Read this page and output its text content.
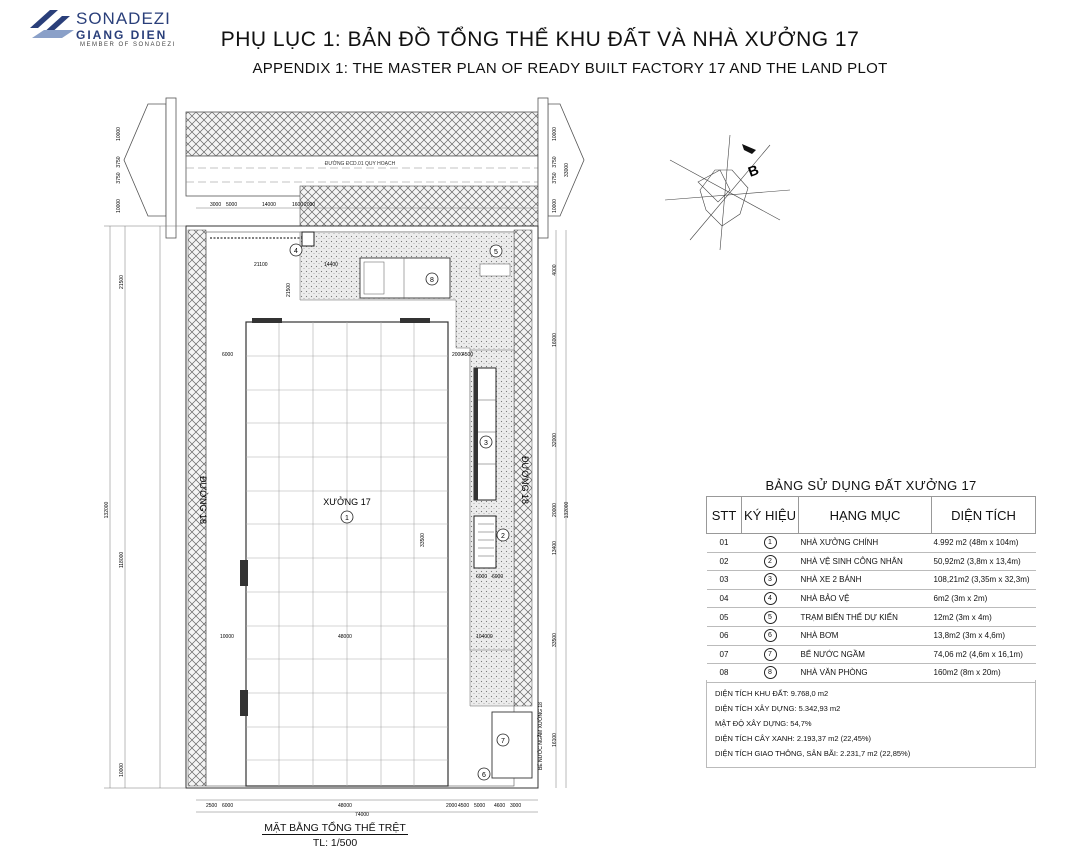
SONADEZI
GIANG DIEN
MEMBER OF SONADEZI	PHỤ LỤC 1: BẢN ĐỒ TỔNG THỂ KHU ĐẤT VÀ NHÀ XƯỞNG 17
APPENDIX 1: THE MASTER PLAN OF READY BUILT FACTORY 17 AND THE LAND PLOT
ĐƯỜNG ĐCD.01 QUY HOẠCH
XƯỞNG 17
1
8
4	5
3
2
7
6
BỂ NƯỚC NGẦM XƯỞNG 18
ĐƯỜNG 18	ĐƯỜNG 18
132000
118000
21500
10000
10000
3750
3750
10000
10000
3750
3750
10000
33000
3000 5000	14000	1600 2000
21100
21500
14400
6000	2000
4500
10000	48000	104000
6000 6000
33500
4000
16000
32000
20000
13400
33500
16100
132000
2500 6000	48000	2000 4500 5000 4600 3000
74000
B
BẢNG SỬ DỤNG ĐẤT XƯỞNG 17
STT	KÝ HIỆU	HẠNG MỤC	DIỆN TÍCH
01	1	NHÀ XƯỞNG CHÍNH	4.992 m2 (48m x 104m)
02	2	NHÀ VỆ SINH CÔNG NHÂN	50,92m2 (3,8m x 13,4m)
03	3	NHÀ XE 2 BÁNH	108,21m2 (3,35m x 32,3m)
04	4	NHÀ BẢO VỆ	6m2 (3m x 2m)
05	5	TRẠM BIẾN THẾ DỰ KIẾN	12m2 (3m x 4m)
06	6	NHÀ BƠM	13,8m2 (3m x 4,6m)
07	7	BỂ NƯỚC NGẦM	74,06 m2 (4,6m x 16,1m)
08	8	NHÀ VĂN PHÒNG	160m2 (8m x 20m)
DIỆN TÍCH KHU ĐẤT: 9.768,0 m2
DIỆN TÍCH XÂY DỰNG: 5.342,93 m2
MẬT ĐỘ XÂY DỰNG: 54,7%
DIỆN TÍCH CÂY XANH: 2.193,37 m2 (22,45%)
DIỆN TÍCH GIAO THÔNG, SÂN BÃI: 2.231,7 m2 (22,85%)
MẶT BẰNG TỔNG THỂ TRỆT
TL: 1/500
